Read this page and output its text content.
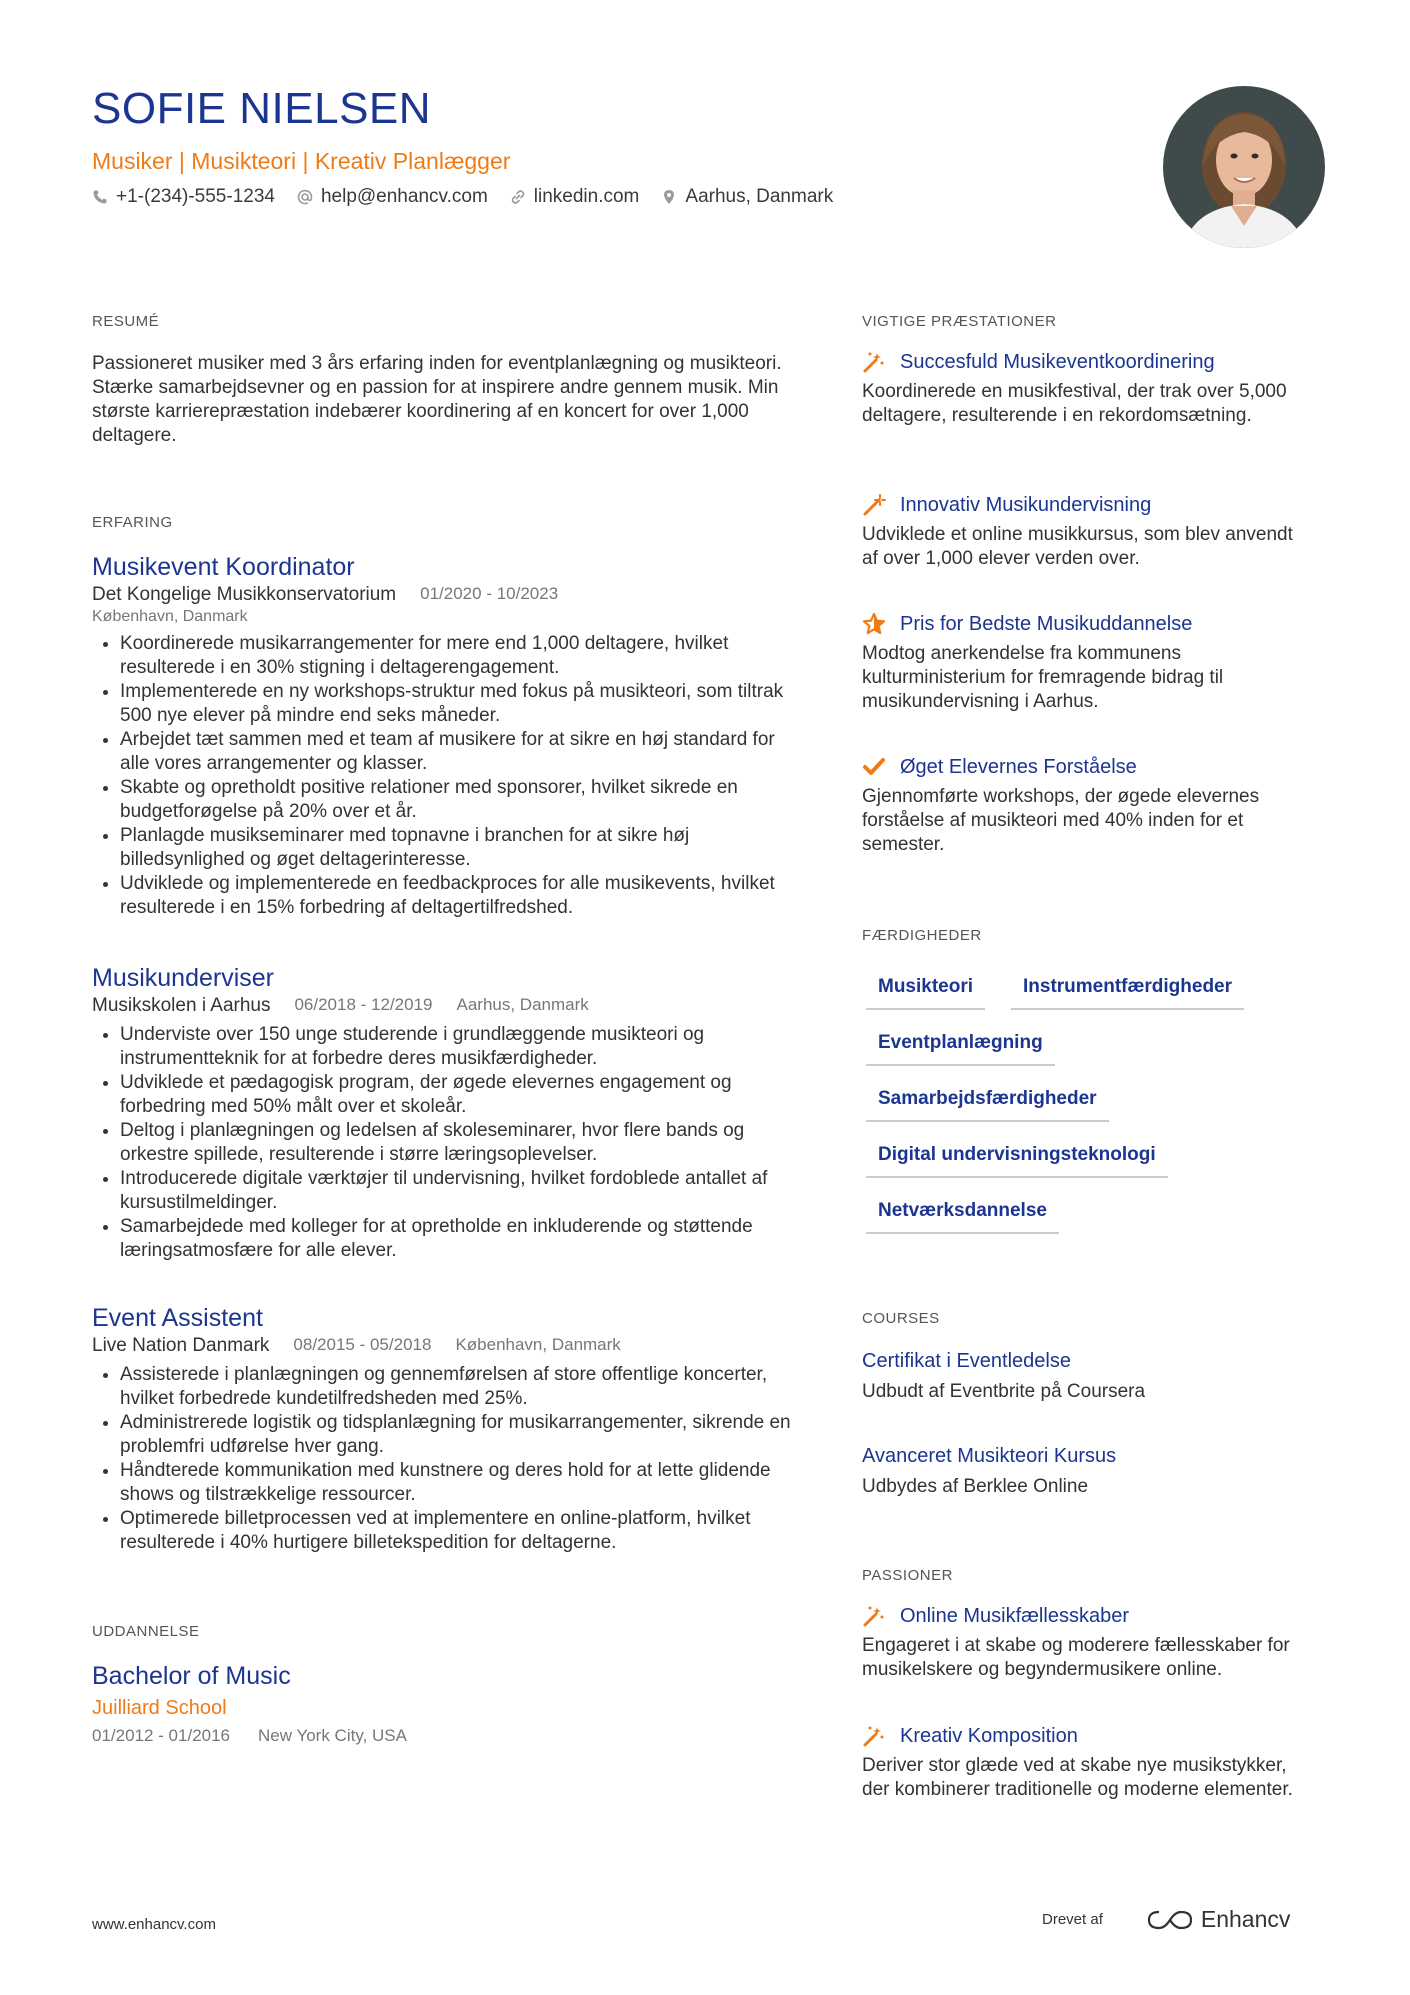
SOFIE NIELSEN
Musiker | Musikteori | Kreativ Planlægger
+1-(234)-555-1234 help@enhancv.com linkedin.com Aarhus, Danmark
RESUMÉ
Passioneret musiker med 3 års erfaring inden for eventplanlægning og musikteori. Stærke samarbejdsevner og en passion for at inspirere andre gennem musik. Min største karrierepræstation indebærer koordinering af en koncert for over 1,000 deltagere.
ERFARING
Musikevent Koordinator
Det Kongelige Musikkonservatorium 01/2020 - 10/2023
København, Danmark
• Koordinerede musikarrangementer for mere end 1,000 deltagere, hvilket resulterede i en 30% stigning i deltagerengagement.
• Implementerede en ny workshops-struktur med fokus på musikteori, som tiltrak 500 nye elever på mindre end seks måneder.
• Arbejdet tæt sammen med et team af musikere for at sikre en høj standard for alle vores arrangementer og klasser.
• Skabte og opretholdt positive relationer med sponsorer, hvilket sikrede en budgetforøgelse på 20% over et år.
• Planlagde musikseminarer med topnavne i branchen for at sikre høj billedsynlighed og øget deltagerinteresse.
• Udviklede og implementerede en feedbackproces for alle musikevents, hvilket resulterede i en 15% forbedring af deltagertilfredshed.
Musikunderviser
Musikskolen i Aarhus 06/2018 - 12/2019 Aarhus, Danmark
• Underviste over 150 unge studerende i grundlæggende musikteori og instrumentteknik for at forbedre deres musikfærdigheder.
• Udviklede et pædagogisk program, der øgede elevernes engagement og forbedring med 50% målt over et skoleår.
• Deltog i planlægningen og ledelsen af skoleseminarer, hvor flere bands og orkestre spillede, resulterende i større læringsoplevelser.
• Introducerede digitale værktøjer til undervisning, hvilket fordoblede antallet af kursustilmeldinger.
• Samarbejdede med kolleger for at opretholde en inkluderende og støttende læringsatmosfære for alle elever.
Event Assistent
Live Nation Danmark 08/2015 - 05/2018 København, Danmark
• Assisterede i planlægningen og gennemførelsen af store offentlige koncerter, hvilket forbedrede kundetilfredsheden med 25%.
• Administrerede logistik og tidsplanlægning for musikarrangementer, sikrende en problemfri udførelse hver gang.
• Håndterede kommunikation med kunstnere og deres hold for at lette glidende shows og tilstrækkelige ressourcer.
• Optimerede billetprocessen ved at implementere en online-platform, hvilket resulterede i 40% hurtigere billetekspedition for deltagerne.
UDDANNELSE
Bachelor of Music
Juilliard School
01/2012 - 01/2016 New York City, USA
VIGTIGE PRÆSTATIONER
Succesfuld Musikeventkoordinering
Koordinerede en musikfestival, der trak over 5,000 deltagere, resulterende i en rekordomsætning.
Innovativ Musikundervisning
Udviklede et online musikkursus, som blev anvendt af over 1,000 elever verden over.
Pris for Bedste Musikuddannelse
Modtog anerkendelse fra kommunens kulturministerium for fremragende bidrag til musikundervisning i Aarhus.
Øget Elevernes Forståelse
Gjennomførte workshops, der øgede elevernes forståelse af musikteori med 40% inden for et semester.
FÆRDIGHEDER
Musikteori	Instrumentfærdigheder
Eventplanlægning
Samarbejdsfærdigheder
Digital undervisningsteknologi
Netværksdannelse
COURSES
Certifikat i Eventledelse
Udbudt af Eventbrite på Coursera
Avanceret Musikteori Kursus
Udbydes af Berklee Online
PASSIONER
Online Musikfællesskaber
Engageret i at skabe og moderere fællesskaber for musikelskere og begyndermusikere online.
Kreativ Komposition
Deriver stor glæde ved at skabe nye musikstykker, der kombinerer traditionelle og moderne elementer.
www.enhancv.com	Drevet af	Enhancv
